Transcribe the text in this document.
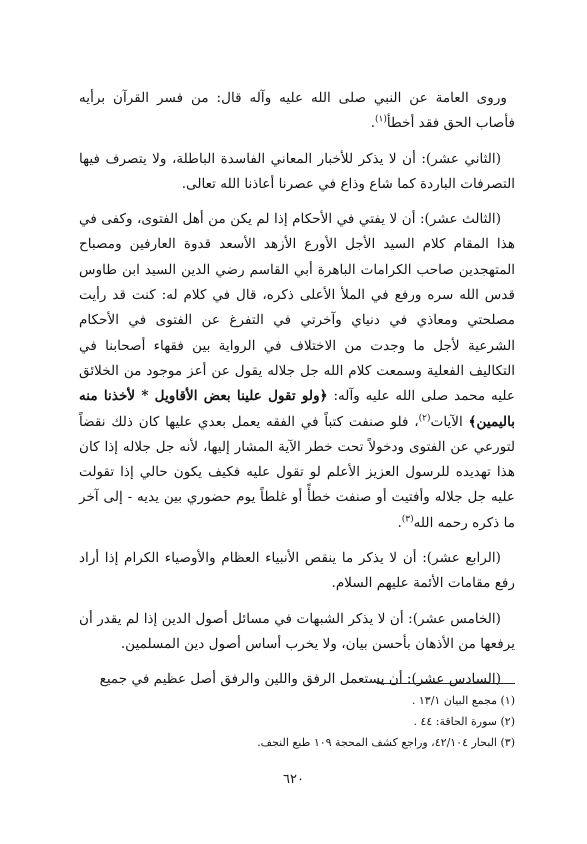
وروى العامة عن النبي صلى الله عليه وآله قال: من فسر القرآن برأيه فأصاب الحق فقد أخطأ$^{(١)}$.

(الثاني عشر): أن لا يذكر للأخبار المعاني الفاسدة الباطلة، ولا يتصرف فيها التصرفات الباردة كما شاع وذاع في عصرنا أعاذنا الله تعالى.

(الثالث عشر): أن لا يفتي في الأحكام إذا لم يكن من أهل الفتوى، وكفى في هذا المقام كلام السيد الأجل الأورع الأزهد الأسعد قدوة العارفين ومصباح المتهجدين صاحب الكرامات الباهرة أبي القاسم رضي الدين السيد ابن طاوس قدس الله سره ورفع في الملأ الأعلى ذكره، قال في كلام له: كنت قد رأيت مصلحتي ومعاذي في دنياي وآخرتي في التفرغ عن الفتوى في الأحكام الشرعية لأجل ما وجدت من الاختلاف في الرواية بين فقهاء أصحابنا في التكاليف الفعلية وسمعت كلام الله جل جلاله يقول عن أعز موجود من الخلائق عليه محمد صلى الله عليه وآله: ﴿ولو تقول علينا بعض الأقاويل * لأخذنا منه باليمين﴾ الآيات$^{(٢)}$، فلو صنفت كتباً في الفقه يعمل بعدي عليها كان ذلك نقضاً لتورعي عن الفتوى ودخولاً تحت خطر الآية المشار إليها، لأنه جل جلاله إذا كان هذا تهديده للرسول العزيز الأعلم لو تقول عليه فكيف يكون حالي إذا تقولت عليه جل جلاله وأفتيت أو صنفت خطأً أو غلطاً يوم حضوري بين يديه - إلى آخر ما ذكره رحمه الله$^{(٣)}$.

(الرابع عشر): أن لا يذكر ما ينقص الأنبياء العظام والأوصياء الكرام إذا أراد رفع مقامات الأئمة عليهم السلام.

(الخامس عشر): أن لا يذكر الشبهات في مسائل أصول الدين إذا لم يقدر أن يرفعها من الأذهان بأحسن بيان، ولا يخرب أساس أصول دين المسلمين.

(السادس عشر): أن يستعمل الرفق واللين والرفق أصل عظيم في جميع

(١) مجمع البيان ١٣/١ .
(٢) سورة الحاقة: ٤٤ .
(٣) البحار ٤٢/١٠٤، وراجع كشف المحجة ١٠٩ طبع النجف.
٦٢٠
